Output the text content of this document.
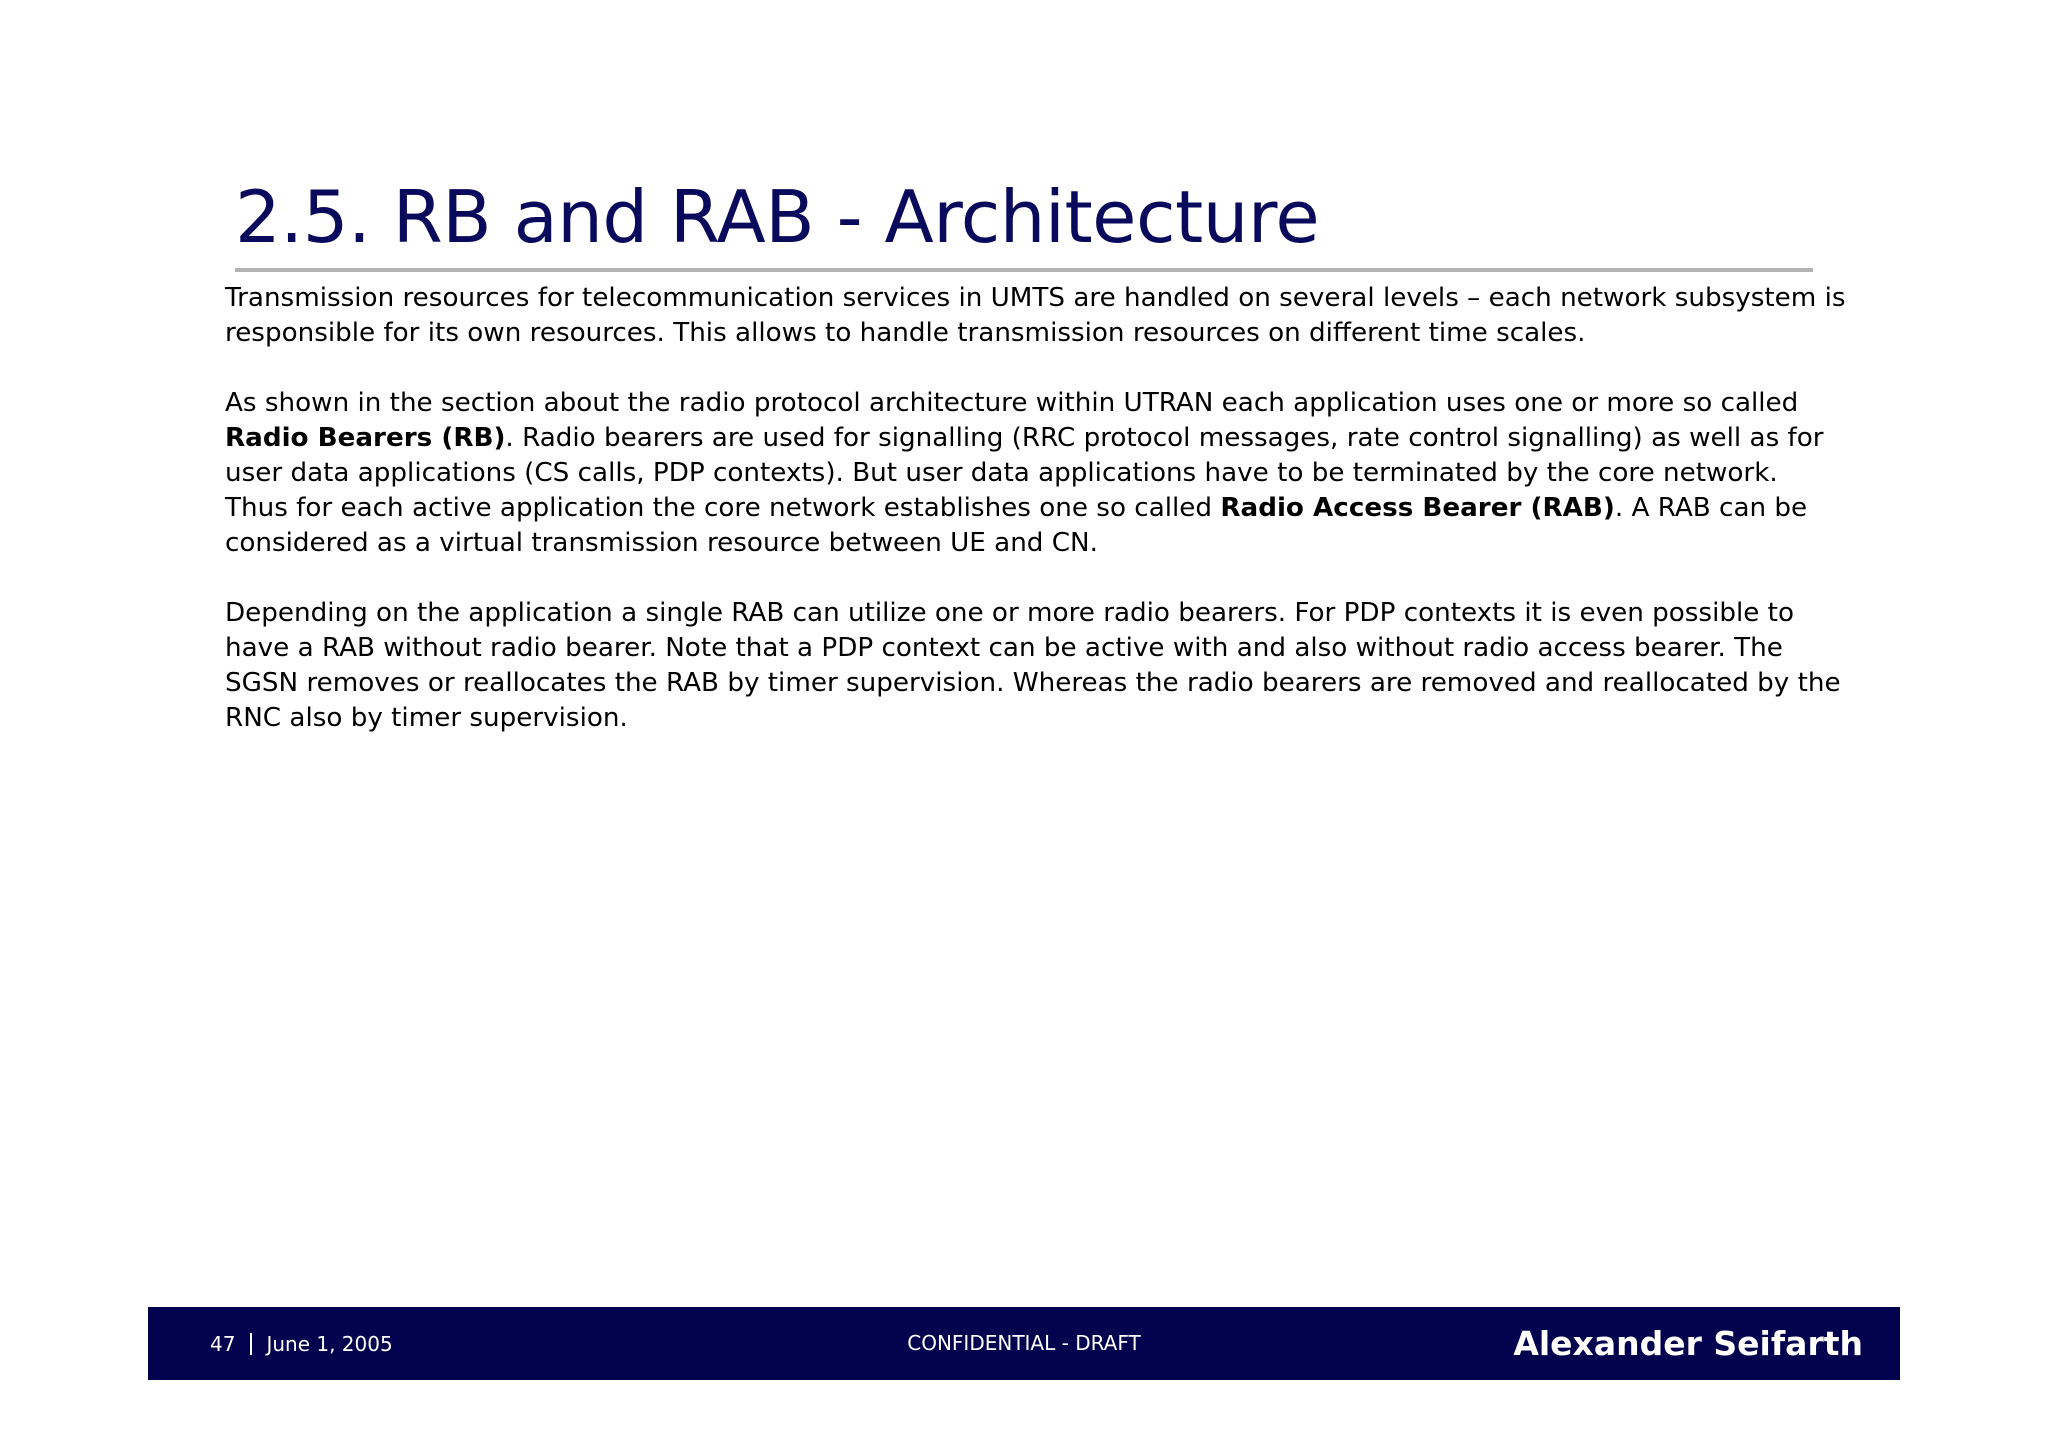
2.5. RB and RAB - Architecture

Transmission resources for telecommunication services in UMTS are handled on several levels – each network subsystem is
responsible for its own resources. This allows to handle transmission resources on different time scales.

As shown in the section about the radio protocol architecture within UTRAN each application uses one or more so called
Radio Bearers (RB). Radio bearers are used for signalling (RRC protocol messages, rate control signalling) as well as for
user data applications (CS calls, PDP contexts). But user data applications have to be terminated by the core network.
Thus for each active application the core network establishes one so called Radio Access Bearer (RAB). A RAB can be
considered as a virtual transmission resource between UE and CN.

Depending on the application a single RAB can utilize one or more radio bearers. For PDP contexts it is even possible to
have a RAB without radio bearer. Note that a PDP context can be active with and also without radio access bearer. The
SGSN removes or reallocates the RAB by timer supervision. Whereas the radio bearers are removed and reallocated by the
RNC also by timer supervision.

47 June 1, 2005	CONFIDENTIAL - DRAFT	Alexander Seifarth
